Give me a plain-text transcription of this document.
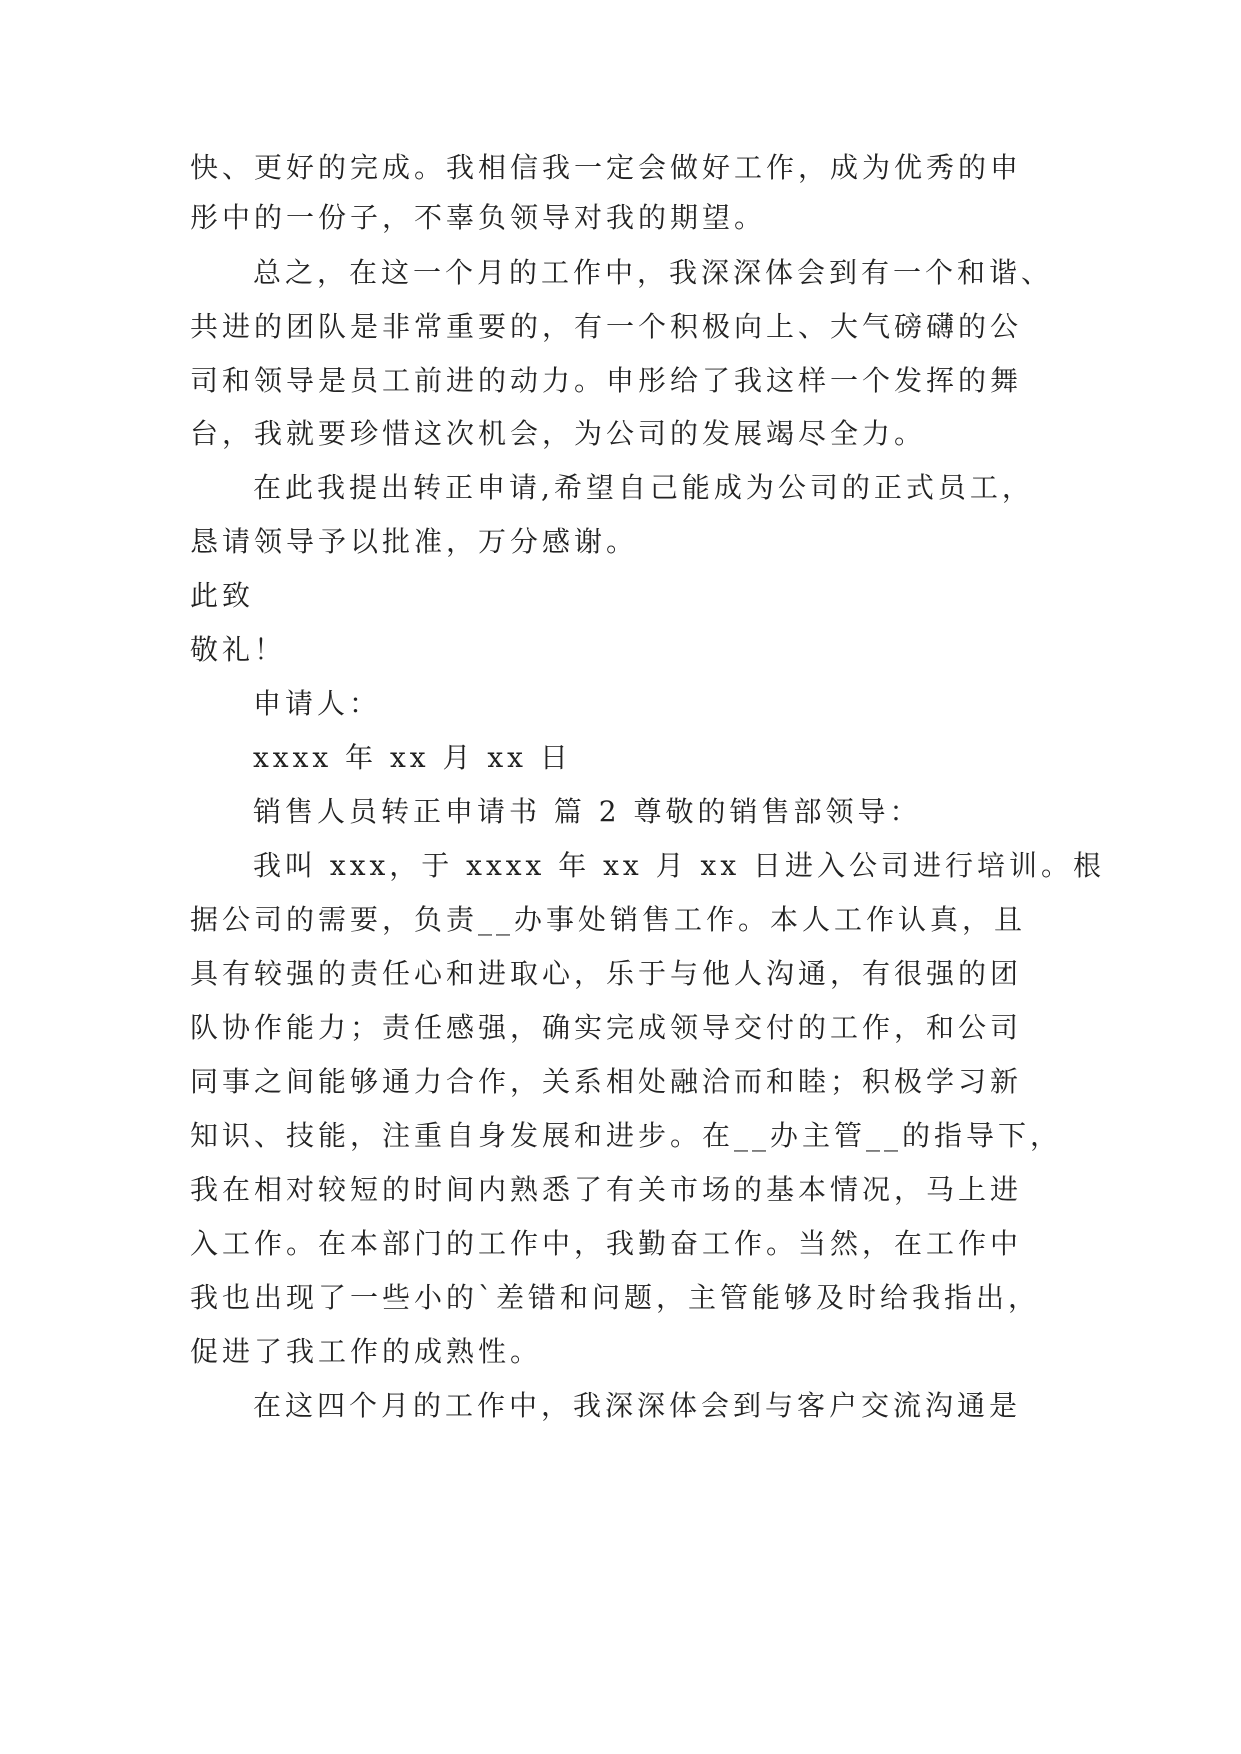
快、更好的完成。我相信我一定会做好工作，成为优秀的申
彤中的一份子，不辜负领导对我的期望。
总之，在这一个月的工作中，我深深体会到有一个和谐、
共进的团队是非常重要的，有一个积极向上、大气磅礴的公
司和领导是员工前进的动力。申彤给了我这样一个发挥的舞
台，我就要珍惜这次机会，为公司的发展竭尽全力。
在此我提出转正申请,希望自己能成为公司的正式员工，
恳请领导予以批准，万分感谢。
此致
敬礼！
申请人：
xxxx 年 xx 月 xx 日
销售人员转正申请书 篇 2 尊敬的销售部领导：
我叫 xxx，于 xxxx 年 xx 月 xx 日进入公司进行培训。根
据公司的需要，负责__办事处销售工作。本人工作认真，且
具有较强的责任心和进取心，乐于与他人沟通，有很强的团
队协作能力；责任感强，确实完成领导交付的工作，和公司
同事之间能够通力合作，关系相处融洽而和睦；积极学习新
知识、技能，注重自身发展和进步。在__办主管__的指导下，
我在相对较短的时间内熟悉了有关市场的基本情况，马上进
入工作。在本部门的工作中，我勤奋工作。当然，在工作中
我也出现了一些小的`差错和问题，主管能够及时给我指出，
促进了我工作的成熟性。
在这四个月的工作中，我深深体会到与客户交流沟通是
